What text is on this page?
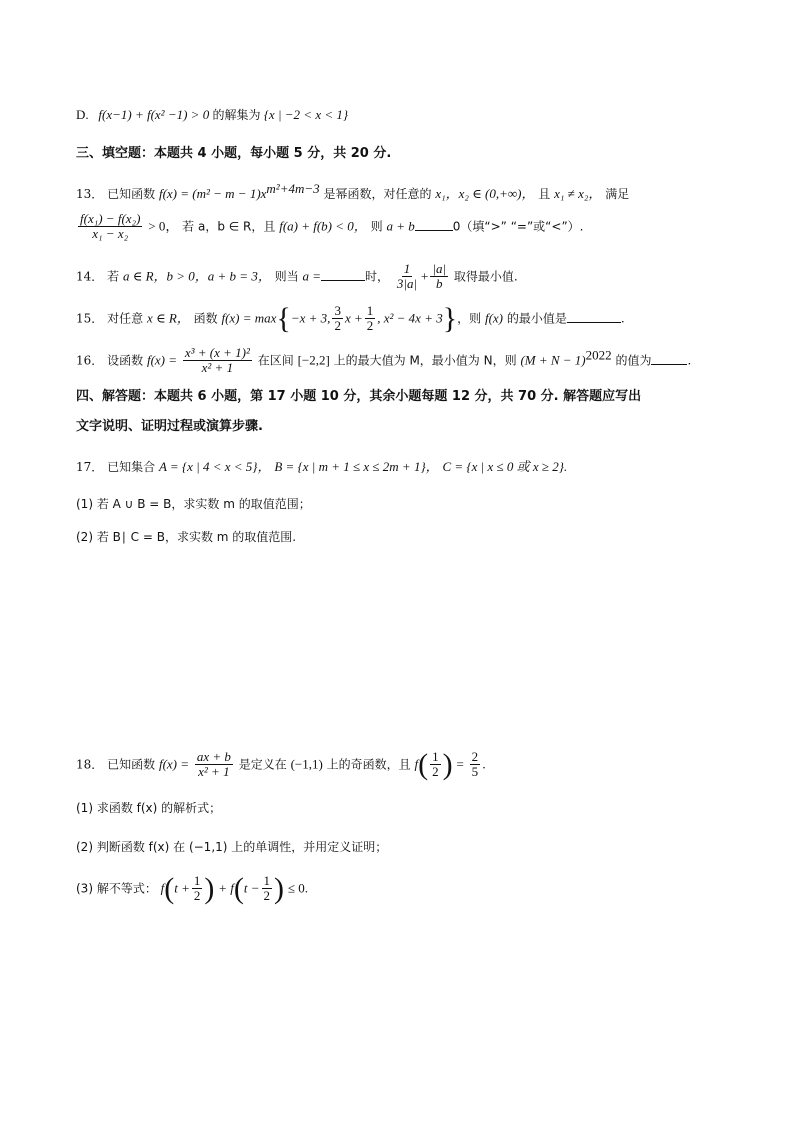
D. f(x−1) + f(x² −1) > 0 的解集为 {x | −2 < x < 1}
三、填空题：本题共 4 小题，每小题 5 分，共 20 分.
13． 已知函数 $f(x) = (m^2 - m - 1)x^{m^2+4m-3}$ 是幂函数，对任意的 x₁，x₂ ∈ (0,+∞)， 且 x₁ ≠ x₂， 满足
$\frac{\text{f(x₁) − f(x₂)}}{\text{x₁ − x₂}} > 0$， 若 a，b ∈ R，且 f(a) + f(b) < 0， 则 a + b	0（填“>” “=”或“<”）.
14． 若 a ∈ R，b > 0，a + b = 3， 则当 a =	时， $\frac{1}{3|a|} + \frac{|a|}{b}$ 取得最小值.
15． 对任意 x ∈ R， 函数 f(x) = max{−x + 3, $\frac{3}{2}$ $x + \frac{1}{2}$ , x² − 4x + 3}，则 f(x) 的最小值是	.
16． 设函数 $f(x) = \frac{\text{x³ + (x + 1)²}}{\text{x² + 1}}$ 在区间 [−2,2] 上的最大值为 M，最小值为 N，则 $(M + N - 1)^{2022}$ 的值为	.
四、解答题：本题共 6 小题，第 17 小题 10 分，其余小题每题 12 分，共 70 分. 解答题应写出
文字说明、证明过程或演算步骤.
17． 已知集合 A = {x | 4 < x < 5}， B = {x | m + 1 ≤ x ≤ 2m + 1}， C = {x | x ≤ 0 或 x ≥ 2}.
(1) 若 A ∪ B = B，求实数 m 的取值范围；
(2) 若 B∣ C = B，求实数 m 的取值范围.
18． 已知函数 $f(x) = \frac{ax + b}{\text{x² + 1}}$ 是定义在 (−1,1) 上的奇函数，且 $f( \frac{1}{2}$ ) = $\frac{2}{5}$ .
(1) 求函数 f(x) 的解析式；
(2) 判断函数 f(x) 在 (−1,1) 上的单调性，并用定义证明；
(3) 解不等式： $f(t + \frac{1}{2}$ ) + $f(t - \frac{1}{2}$ ) ≤ 0.
